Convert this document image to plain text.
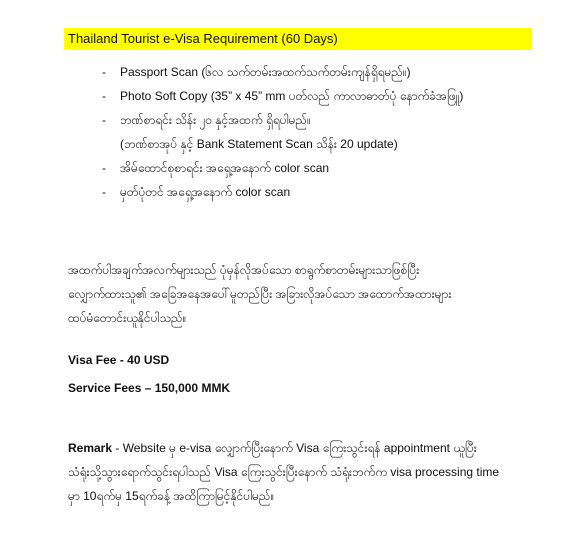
Thailand Tourist e-Visa Requirement (60 Days)
- Passport Scan (၆လ သက်တမ်းအထက်သက်တမ်းကျန်ရှိရမည်။)
- Photo Soft Copy (35” x 45” mm ပတ်လည် ကာလာဓာတ်ပုံ နောက်ခံအဖြူ)
- ဘဏ်စာရင်း သိန်း ၂၀ နှင့်အထက် ရှိရပါမည်။
(ဘဏ်စာအုပ် နှင့် Bank Statement Scan သိန်း 20 update)
- အိမ်ထောင်စုစာရင်း အရှေ့အနောက် color scan
- မှတ်ပုံတင် အရှေ့အနောက် color scan
အထက်ပါအချက်အလက်များသည် ပုံမှန်လိုအပ်သော စာရွက်စာတမ်းများသာဖြစ်ပြီး
လျှောက်ထားသူ၏ အခြေအနေအပေါ်မူတည်ပြီး အခြားလိုအပ်သော အထောက်အထားများ
ထပ်မံတောင်းယူနိုင်ပါသည်။
Visa Fee - 40 USD
Service Fees – 150,000 MMK
Remark - Website မှ e-visa လျှောက်ပြီးနောက် Visa ကြေးသွင်းရန် appointment ယူပြီး
သံရုံးသို့သွားရောက်သွင်းရပါသည် Visa ကြေးသွင်းပြီးနောက် သံရုံးဘက်က visa processing time
မှာ 10ရက်မှ 15ရက်ခန့် အထိကြာမြင့်နိုင်ပါမည်။
